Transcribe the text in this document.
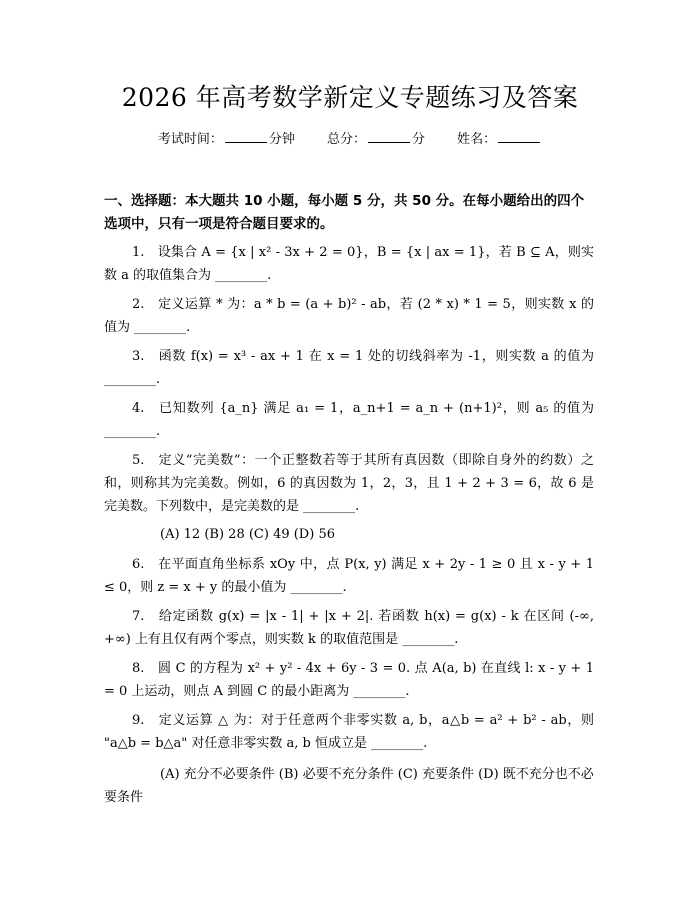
2026 年高考数学新定义专题练习及答案
考试时间：	分钟 总分：	分 姓名：
一、选择题：本大题共 10 小题，每小题 5 分，共 50 分。在每小题给出的四个选项中，只有一项是符合题目要求的。
1.　设集合 A = {x | x² - 3x + 2 = 0}，B = {x | ax = 1}，若 B ⊆ A，则实数 a 的取值集合为 ________.
2.　定义运算 * 为：a * b = (a + b)² - ab，若 (2 * x) * 1 = 5，则实数 x 的值为 ________.
3.　函数 f(x) = x³ - ax + 1 在 x = 1 处的切线斜率为 -1，则实数 a 的值为 ________.
4.　已知数列 {a_n} 满足 a₁ = 1，a_n+1 = a_n + (n+1)²，则 a₅ 的值为 ________.
5.　定义“完美数”：一个正整数若等于其所有真因数（即除自身外的约数）之和，则称其为完美数。例如，6 的真因数为 1，2，3，且 1 + 2 + 3 = 6，故 6 是完美数。下列数中，是完美数的是 ________.
(A) 12 (B) 28 (C) 49 (D) 56
6.　在平面直角坐标系 xOy 中，点 P(x, y) 满足 x + 2y - 1 ≥ 0 且 x - y + 1 ≤ 0，则 z = x + y 的最小值为 ________.
7.　给定函数 g(x) = |x - 1| + |x + 2|. 若函数 h(x) = g(x) - k 在区间 (-∞, +∞) 上有且仅有两个零点，则实数 k 的取值范围是 ________.
8.　圆 C 的方程为 x² + y² - 4x + 6y - 3 = 0. 点 A(a, b) 在直线 l: x - y + 1 = 0 上运动，则点 A 到圆 C 的最小距离为 ________.
9.　定义运算 △ 为：对于任意两个非零实数 a, b，a△b = a² + b² - ab，则 "a△b = b△a" 对任意非零实数 a, b 恒成立是 ________.
(A) 充分不必要条件 (B) 必要不充分条件 (C) 充要条件 (D) 既不充分也不必要条件
